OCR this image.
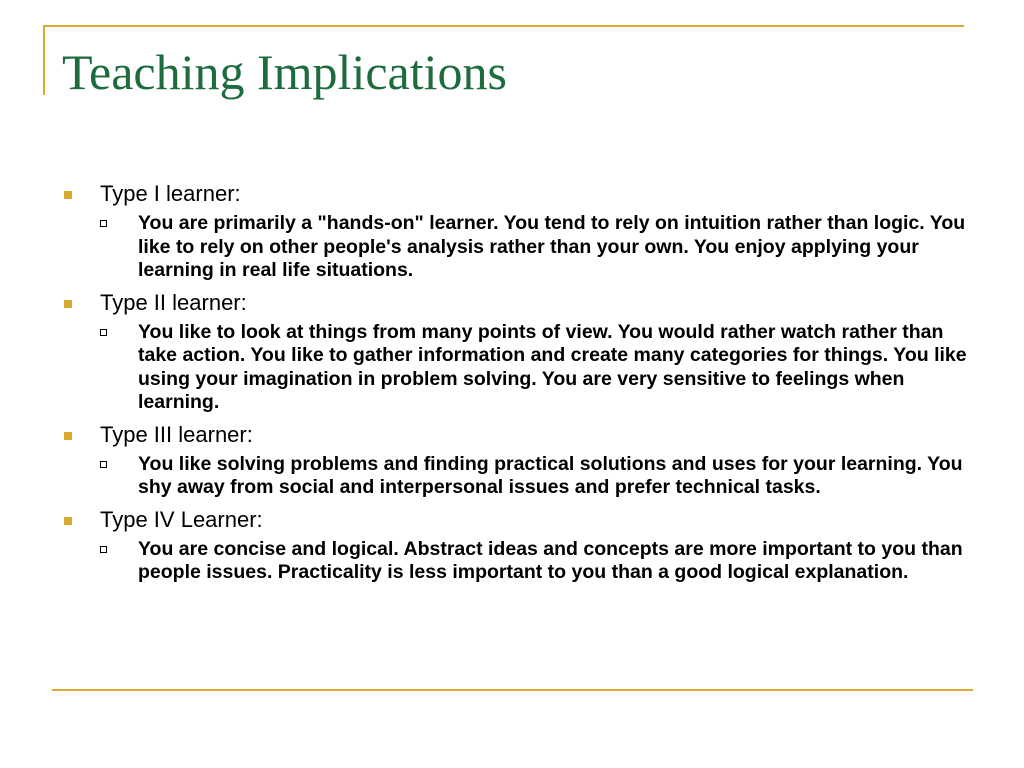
Teaching Implications
Type I learner:
You are primarily a "hands-on" learner. You tend to rely on intuition rather than logic. You like to rely on other people's analysis rather than your own. You enjoy applying your learning in real life situations.
Type II learner:
You like to look at things from many points of view. You would rather watch rather than take action. You like to gather information and create many categories for things. You like using your imagination in problem solving. You are very sensitive to feelings when learning.
Type III learner:
You like solving problems and finding practical solutions and uses for your learning. You shy away from social and interpersonal issues and prefer technical tasks.
Type IV Learner:
You are concise and logical. Abstract ideas and concepts are more important to you than people issues. Practicality is less important to you than a good logical explanation.
